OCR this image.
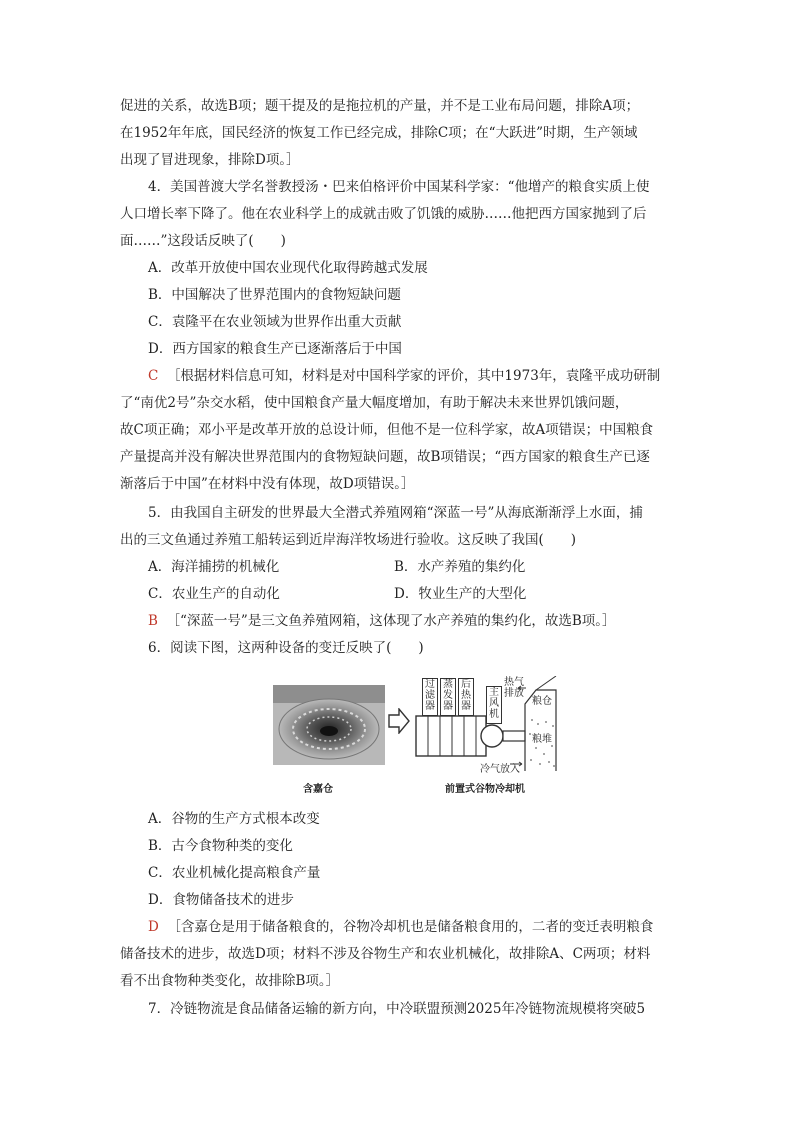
促进的关系，故选B项；题干提及的是拖拉机的产量，并不是工业布局问题，排除A项；
在1952年年底，国民经济的恢复工作已经完成，排除C项；在“大跃进”时期，生产领域
出现了冒进现象，排除D项。］
4．美国普渡大学名誉教授汤・巴来伯格评价中国某科学家：“他增产的粮食实质上使
人口增长率下降了。他在农业科学上的成就击败了饥饿的威胁……他把西方国家抛到了后
面……”这段话反映了(　　)
A．改革开放使中国农业现代化取得跨越式发展
B．中国解决了世界范围内的食物短缺问题
C．袁隆平在农业领域为世界作出重大贡献
D．西方国家的粮食生产已逐渐落后于中国
C ［根据材料信息可知，材料是对中国科学家的评价，其中1973年，袁隆平成功研制
了“南优2号”杂交水稻，使中国粮食产量大幅度增加，有助于解决未来世界饥饿问题，
故C项正确；邓小平是改革开放的总设计师，但他不是一位科学家，故A项错误；中国粮食
产量提高并没有解决世界范围内的食物短缺问题，故B项错误；“西方国家的粮食生产已逐
渐落后于中国”在材料中没有体现，故D项错误。］
5．由我国自主研发的世界最大全潜式养殖网箱“深蓝一号”从海底渐渐浮上水面，捕
出的三文鱼通过养殖工船转运到近岸海洋牧场进行验收。这反映了我国(　　)
A．海洋捕捞的机械化	B．水产养殖的集约化
C．农业生产的自动化	D．牧业生产的大型化
B ［“深蓝一号”是三文鱼养殖网箱，这体现了水产养殖的集约化，故选B项。］
6．阅读下图，这两种设备的变迁反映了(　　)
含嘉仓
过滤器
蒸发器
后热器
主风机
热气排放
粮仓
粮堆
冷气放入
前置式谷物冷却机
A．谷物的生产方式根本改变
B．古今食物种类的变化
C．农业机械化提高粮食产量
D．食物储备技术的进步
D ［含嘉仓是用于储备粮食的，谷物冷却机也是储备粮食用的，二者的变迁表明粮食
储备技术的进步，故选D项；材料不涉及谷物生产和农业机械化，故排除A、C两项；材料
看不出食物种类变化，故排除B项。］
7．冷链物流是食品储备运输的新方向，中冷联盟预测2025年冷链物流规模将突破5
